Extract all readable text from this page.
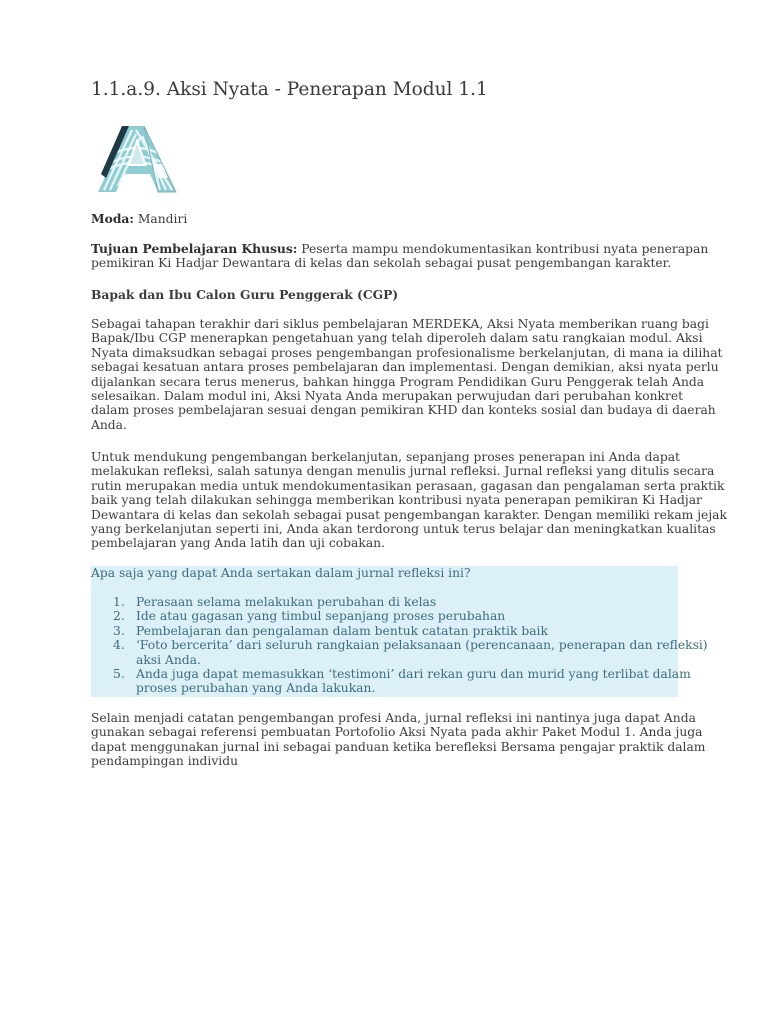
1.1.a.9. Aksi Nyata - Penerapan Modul 1.1
Moda: Mandiri
Tujuan Pembelajaran Khusus: Peserta mampu mendokumentasikan kontribusi nyata penerapan
pemikiran Ki Hadjar Dewantara di kelas dan sekolah sebagai pusat pengembangan karakter.
Bapak dan Ibu Calon Guru Penggerak (CGP)
Sebagai tahapan terakhir dari siklus pembelajaran MERDEKA, Aksi Nyata memberikan ruang bagi
Bapak/Ibu CGP menerapkan pengetahuan yang telah diperoleh dalam satu rangkaian modul. Aksi
Nyata dimaksudkan sebagai proses pengembangan profesionalisme berkelanjutan, di mana ia dilihat
sebagai kesatuan antara proses pembelajaran dan implementasi. Dengan demikian, aksi nyata perlu
dijalankan secara terus menerus, bahkan hingga Program Pendidikan Guru Penggerak telah Anda
selesaikan. Dalam modul ini, Aksi Nyata Anda merupakan perwujudan dari perubahan konkret
dalam proses pembelajaran sesuai dengan pemikiran KHD dan konteks sosial dan budaya di daerah
Anda.
Untuk mendukung pengembangan berkelanjutan, sepanjang proses penerapan ini Anda dapat
melakukan refleksi, salah satunya dengan menulis jurnal refleksi. Jurnal refleksi yang ditulis secara
rutin merupakan media untuk mendokumentasikan perasaan, gagasan dan pengalaman serta praktik
baik yang telah dilakukan sehingga memberikan kontribusi nyata penerapan pemikiran Ki Hadjar
Dewantara di kelas dan sekolah sebagai pusat pengembangan karakter. Dengan memiliki rekam jejak
yang berkelanjutan seperti ini, Anda akan terdorong untuk terus belajar dan meningkatkan kualitas
pembelajaran yang Anda latih dan uji cobakan.
Apa saja yang dapat Anda sertakan dalam jurnal refleksi ini?
1. Perasaan selama melakukan perubahan di kelas
2. Ide atau gagasan yang timbul sepanjang proses perubahan
3. Pembelajaran dan pengalaman dalam bentuk catatan praktik baik
4. ‘Foto bercerita’ dari seluruh rangkaian pelaksanaan (perencanaan, penerapan dan refleksi)
aksi Anda.
5. Anda juga dapat memasukkan ‘testimoni’ dari rekan guru dan murid yang terlibat dalam
proses perubahan yang Anda lakukan.
Selain menjadi catatan pengembangan profesi Anda, jurnal refleksi ini nantinya juga dapat Anda
gunakan sebagai referensi pembuatan Portofolio Aksi Nyata pada akhir Paket Modul 1. Anda juga
dapat menggunakan jurnal ini sebagai panduan ketika berefleksi Bersama pengajar praktik dalam
pendampingan individu
